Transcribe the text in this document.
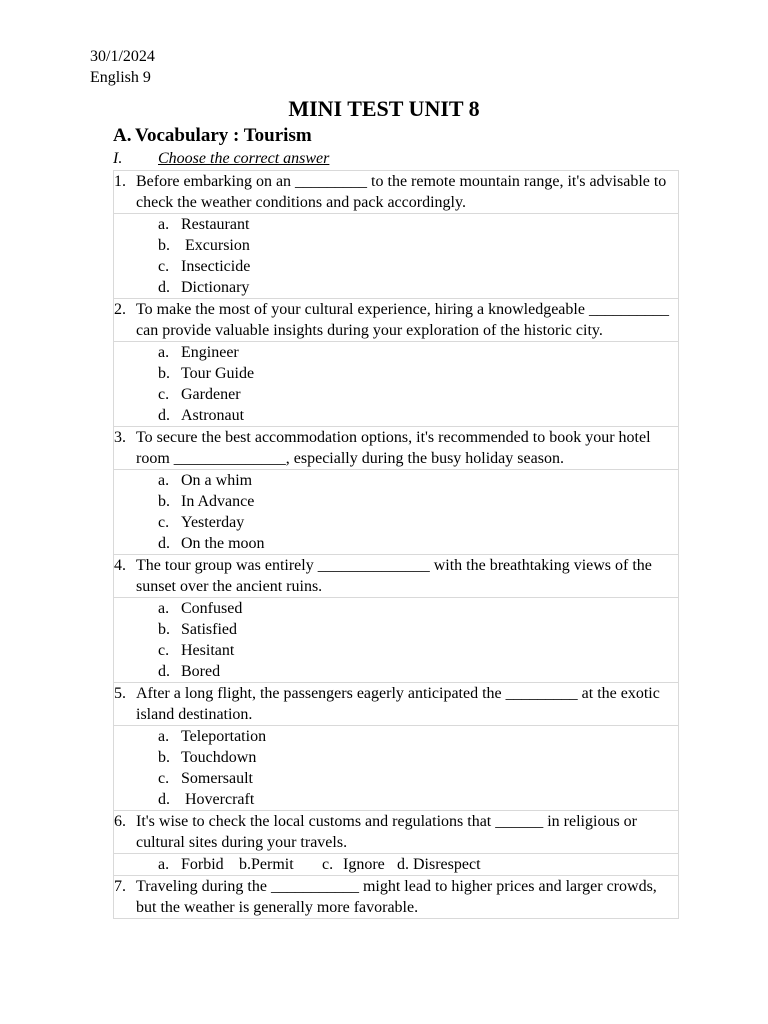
30/1/2024
English 9
MINI TEST UNIT 8
A. Vocabulary : Tourism
I. Choose the correct answer
1. Before embarking on an _________ to the remote mountain range, it's advisable to check the weather conditions and pack accordingly.

a. Restaurant
b. Excursion
c. Insecticide
d. Dictionary

2. To make the most of your cultural experience, hiring a knowledgeable __________ can provide valuable insights during your exploration of the historic city.

a. Engineer
b. Tour Guide
c. Gardener
d. Astronaut

3. To secure the best accommodation options, it's recommended to book your hotel room ______________, especially during the busy holiday season.

a. On a whim
b. In Advance
c. Yesterday
d. On the moon

4. The tour group was entirely ______________ with the breathtaking views of the sunset over the ancient ruins.

a. Confused
b. Satisfied
c. Hesitant
d. Bored

5. After a long flight, the passengers eagerly anticipated the _________ at the exotic island destination.

a. Teleportation
b. Touchdown
c. Somersault
d. Hovercraft

6. It's wise to check the local customs and regulations that ______ in religious or cultural sites during your travels.

a. Forbid b.Permit	c. Ignore d. Disrespect

7. Traveling during the ___________ might lead to higher prices and larger crowds, but the weather is generally more favorable.
